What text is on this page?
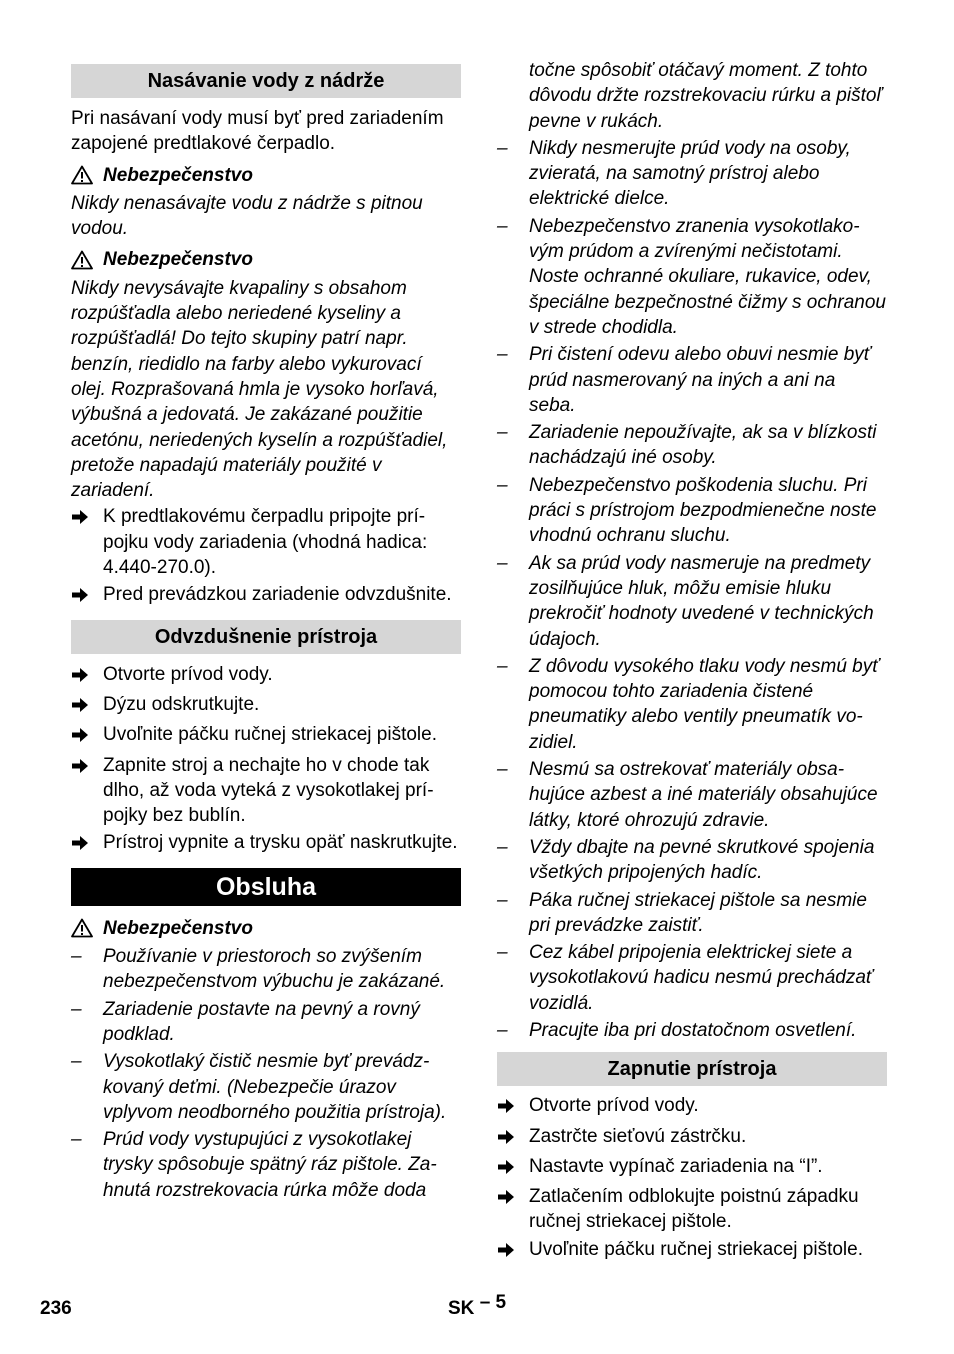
Nasávanie vody z nádrže

Pri nasávaní vody musí byť pred zariadením zapojené predtlakové čerpadlo.

Nebezpečenstvo

Nikdy nenasávajte vodu z nádrže s pitnou vodou.

Nebezpečenstvo

Nikdy nevysávajte kvapaliny s obsahom rozpúšťadla alebo neriedené kyseliny a rozpúšťadlá! Do tejto skupiny patrí napr. benzín, riedidlo na farby alebo vykurovací olej. Rozprašovaná hmla je vysoko horľavá, výbušná a jedovatá. Je zakázané použitie acetónu, neriedených kyselín a rozpúšťadiel, pretože napadajú materiály použité v zariadení.

K predtlakovému čerpadlu pripojte prípojku vody zariadenia (vhodná hadica: 4.440-270.0).
Pred prevádzkou zariadenie odvzdušnite.
Odvzdušnenie prístroja
Otvorte prívod vody.
Dýzu odskrutkujte.
Uvoľnite páčku ručnej striekacej pištole.
Zapnite stroj a nechajte ho v chode tak dlho, až voda vyteká z vysokotlakej prípojky bez bublín.
Prístroj vypnite a trysku opäť naskrutkujte.
Obsluha
Nebezpečenstvo
–	Používanie v priestoroch so zvýšením nebezpečenstvom výbuchu je zakázané.
–	Zariadenie postavte na pevný a rovný podklad.
–	Vysokotlaký čistič nesmie byť prevádzkovaný deťmi. (Nebezpečie úrazov vplyvom neodborného použitia prístroja).
–	Prúd vody vystupujúci z vysokotlakej trysky spôsobuje spätný ráz pištole. Zahnutá rozstrekovacia rúrka môže doda
točne spôsobiť otáčavý moment. Z tohto dôvodu držte rozstrekovaciu rúrku a pištoľ pevne v rukách.
–	Nikdy nesmerujte prúd vody na osoby, zvieratá, na samotný prístroj alebo elektrické dielce.
–	Nebezpečenstvo zranenia vysokotlakovým prúdom a zvírenými nečistotami. Noste ochranné okuliare, rukavice, odev, špeciálne bezpečnostné čižmy s ochranou v strede chodidla.
–	Pri čistení odevu alebo obuvi nesmie byť prúd nasmerovaný na iných a ani na seba.
–	Zariadenie nepoužívajte, ak sa v blízkosti nachádzajú iné osoby.
–	Nebezpečenstvo poškodenia sluchu. Pri práci s prístrojom bezpodmienečne noste vhodnú ochranu sluchu.
–	Ak sa prúd vody nasmeruje na predmety zosilňujúce hluk, môžu emisie hluku prekročiť hodnoty uvedené v technických údajoch.
–	Z dôvodu vysokého tlaku vody nesmú byť pomocou tohto zariadenia čistené pneumatiky alebo ventily pneumatík vozidiel.
–	Nesmú sa ostrekovať materiály obsahujúce azbest a iné materiály obsahujúce látky, ktoré ohrozujú zdravie.
–	Vždy dbajte na pevné skrutkové spojenia všetkých pripojených hadíc.
–	Páka ručnej striekacej pištole sa nesmie pri prevádzke zaistiť.
–	Cez kábel pripojenia elektrickej siete a vysokotlakovú hadicu nesmú prechádzať vozidlá.
–	Pracujte iba pri dostatočnom osvetlení.
Zapnutie prístroja
Otvorte prívod vody.
Zastrčte sieťovú zástrčku.
Nastavte vypínač zariadenia na “I”.
Zatlačením odblokujte poistnú západku ručnej striekacej pištole.
Uvoľnite páčku ručnej striekacej pištole.
236	SK – 5
